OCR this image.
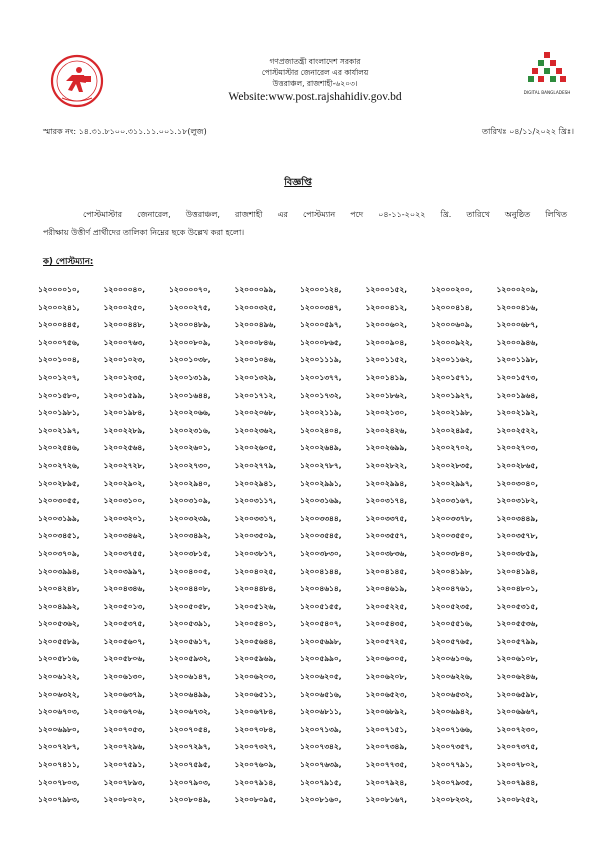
গণপ্রজাতন্ত্রী বাংলাদেশ সরকার
পোস্টমাস্টার জেনারেল এর কার্যালয়
উত্তরাঞ্চল, রাজশাহী-৬২০৩।
Website:www.post.rajshahidiv.gov.bd	DIGITAL BANGLADESH
স্মারক নং: ১৪.৩১.৮১০০.৩১১.১১.০০১.১৮(লুজ)	তারিখঃ ০৪/১১/২০২২ খ্রিঃ।
বিজ্ঞপ্তি
পোস্টমাস্টার জেনারেল, উত্তরাঞ্চল, রাজশাহী এর পোস্টম্যান পদে ০৪-১১-২০২২ খ্রি. তারিখে অনুষ্ঠিত লিখিত
পরীক্ষায় উত্তীর্ণ প্রার্থীদের তালিকা নিম্নের ছকে উল্লেখ করা হলো।
ক) পোস্টম্যান:
১২০০০০১০,	১২০০০০৪০,	১২০০০০৭০,	১২০০০০৯৯,	১২০০০১২৪,	১২০০০১৫২,	১২০০০২০০,	১২০০০২০৯,
১২০০০২৪১,	১২০০০২৫০,	১২০০০২৭৫,	১২০০০৩২৫,	১২০০০৩৪৭,	১২০০০৪১২,	১২০০০৪১৪,	১২০০০৪১৬,
১২০০০৪৪৫,	১২০০০৪৪৮,	১২০০০৪৮৯,	১২০০০৪৯৬,	১২০০০৫৯৭,	১২০০০৬০২,	১২০০০৬০৯,	১২০০০৬৮৭,
১২০০০৭৫৬,	১২০০০৭৬৩,	১২০০০৮০৯,	১২০০০৮৪৬,	১২০০০৮৬৫,	১২০০০৯০৪,	১২০০০৯২২,	১২০০০৯৪৬,
১২০০১০০৪,	১২০০১০২৩,	১২০০১০৩৮,	১২০০১০৪৬,	১২০০১১১৯,	১২০০১১৫২,	১২০০১১৬২,	১২০০১১৯৮,
১২০০১২০৭,	১২০০১২৩৫,	১২০০১৩১৯,	১২০০১৩২৯,	১২০০১৩৭৭,	১২০০১৪১৯,	১২০০১৫৭১,	১২০০১৫৭৩,
১২০০১৫৮০,	১২০০১৫৯৯,	১২০০১৬৪৪,	১২০০১৭১২,	১২০০১৭৩২,	১২০০১৮৬২,	১২০০১৯২৭,	১২০০১৯৬৪,
১২০০১৯৮১,	১২০০১৯৮৪,	১২০০২০৬৬,	১২০০২০৬৮,	১২০০২১১৯,	১২০০২১৩০,	১২০০২১৯৮,	১২০০২১৯২,
১২০০২১৯৭,	১২০০২২৮৯,	১২০০২৩১৬,	১২০০২৩৬২,	১২০০২৪০৪,	১২০০২৪২৬,	১২০০২৪৯৫,	১২০০২৫২২,
১২০০২৫৪৬,	১২০০২৫৬৪,	১২০০২৬০১,	১২০০২৬০৫,	১২০০২৬৪৯,	১২০০২৬৯৯,	১২০০২৭০২,	১২০০২৭০৩,
১২০০২৭২৬,	১২০০২৭২৮,	১২০০২৭৩০,	১২০০২৭৭৯,	১২০০২৭৮৭,	১২০০২৮২২,	১২০০২৮৩৫,	১২০০২৮৬৫,
১২০০২৮৯৫,	১২০০২৯০২,	১২০০২৯৪০,	১২০০২৯৪১,	১২০০২৯৯১,	১২০০২৯৯৪,	১২০০২৯৯৭,	১২০০৩০৪০,
১২০০৩০৫৫,	১২০০৩১০০,	১২০০৩১০৯,	১২০০৩১১৭,	১২০০৩১৬৯,	১২০০৩১৭৪,	১২০০৩১৬৭,	১২০০৩১৮২,
১২০০৩১৯৯,	১২০০৩২০১,	১২০০৩২৩৯,	১২০০৩৩১৭,	১২০০৩৩৪৪,	১২০০৩৩৭৫,	১২০০৩৩৭৮,	১২০০৩৪৪৯,
১২০০৩৪৫১,	১২০০৩৪৬২,	১২০০৩৪৯২,	১২০০৩৫০৯,	১২০০৩৫৪৫,	১২০০৩৫৫৭,	১২০০৩৫৫০,	১২০০৩৫৭৮,
১২০০৩৭০৯,	১২০০৩৭৫৫,	১২০০৩৮১৫,	১২০০৩৮১৭,	১২০০৩৮৩০,	১২০০৩৮৩৬,	১২০০৩৮৪০,	১২০০৩৮৫৯,
১২০০৩৯৯৪,	১২০০৩৯৯৭,	১২০০৪০০৫,	১২০০৪০২৫,	১২০০৪১৪৪,	১২০০৪১৪৫,	১২০০৪১৯৮,	১২০০৪১৯৪,
১২০০৪২৪৮,	১২০০৪৩৪৬,	১২০০৪৪০৮,	১২০০৪৪৮৪,	১২০০৪৬১৪,	১২০০৪৬১৯,	১২০০৪৭৬১,	১২০০৪৮০১,
১২০০৪৯৯২,	১২০০৫০১৩,	১২০০৫০৫৮,	১২০০৫১২৬,	১২০০৫১৫৫,	১২০০৫২২৫,	১২০০৫২৩৫,	১২০০৫৩১৫,
১২০০৫৩৬২,	১২০০৫৩৭৫,	১২০০৫৩৯১,	১২০০৫৪০১,	১২০০৫৪০৭,	১২০০৫৪৩৫,	১২০০৫৫১৬,	১২০০৫৫৩৬,
১২০০৫৫৮৯,	১২০০৫৬০৭,	১২০০৫৬১৭,	১২০০৫৬৪৪,	১২০০৫৬৯৮,	১২০০৫৭২৫,	১২০০৫৭৬৫,	১২০০৫৭৯৯,
১২০০৫৮১৬,	১২০০৫৮০৬,	১২০০৫৯৩২,	১২০০৫৯৬৯,	১২০০৫৯৯০,	১২০০৬০০৫,	১২০০৬১০৬,	১২০০৬১০৮,
১২০০৬১২২,	১২০০৬১৩০,	১২০০৬১৪৭,	১২০০৬২০৩,	১২০০৬২০৫,	১২০০৬২০৮,	১২০০৬২২৬,	১২০০৬২৪৬,
১২০০৬৩২২,	১২০০৬৩৭৯,	১২০০৬৪৯৯,	১২০০৬৫১১,	১২০০৬৫১৬,	১২০০৬৫২৩,	১২০০৬৫৩২,	১২০০৬৫৯৮,
১২০০৬৭০৩,	১২০০৬৭০৬,	১২০০৬৭৩২,	১২০০৬৭৮৪,	১২০০৬৮১১,	১২০০৬৮৯২,	১২০০৬৯৪২,	১২০০৬৯৬৭,
১২০০৬৯৮০,	১২০০৭০৫৩,	১২০০৭০৫৪,	১২০০৭০৮৪,	১২০০৭১৩৯,	১২০০৭১৫১,	১২০০৭১৬৬,	১২০০৭২৩০,
১২০০৭২৮৭,	১২০০৭২৯৬,	১২০০৭২৯৭,	১২০০৭৩২৭,	১২০০৭৩৪২,	১২০০৭৩৪৯,	১২০০৭৩৫৭,	১২০০৭৩৭৫,
১২০০৭৪১১,	১২০০৭৫৯১,	১২০০৭৫৯৫,	১২০০৭৬০৯,	১২০০৭৬৩৯,	১২০০৭৭৩৫,	১২০০৭৭৯১,	১২০০৭৮০২,
১২০০৭৮০৩,	১২০০৭৮৯৩,	১২০০৭৯০৩,	১২০০৭৯১৪,	১২০০৭৯১৫,	১২০০৭৯২৪,	১২০০৭৯৩৫,	১২০০৭৯৪৪,
১২০০৭৯৮৩,	১২০০৮০২০,	১২০০৮০৪৯,	১২০০৮০৯৫,	১২০০৮১৬০,	১২০০৮১৬৭,	১২০০৮২৩২,	১২০০৮২৫২,
